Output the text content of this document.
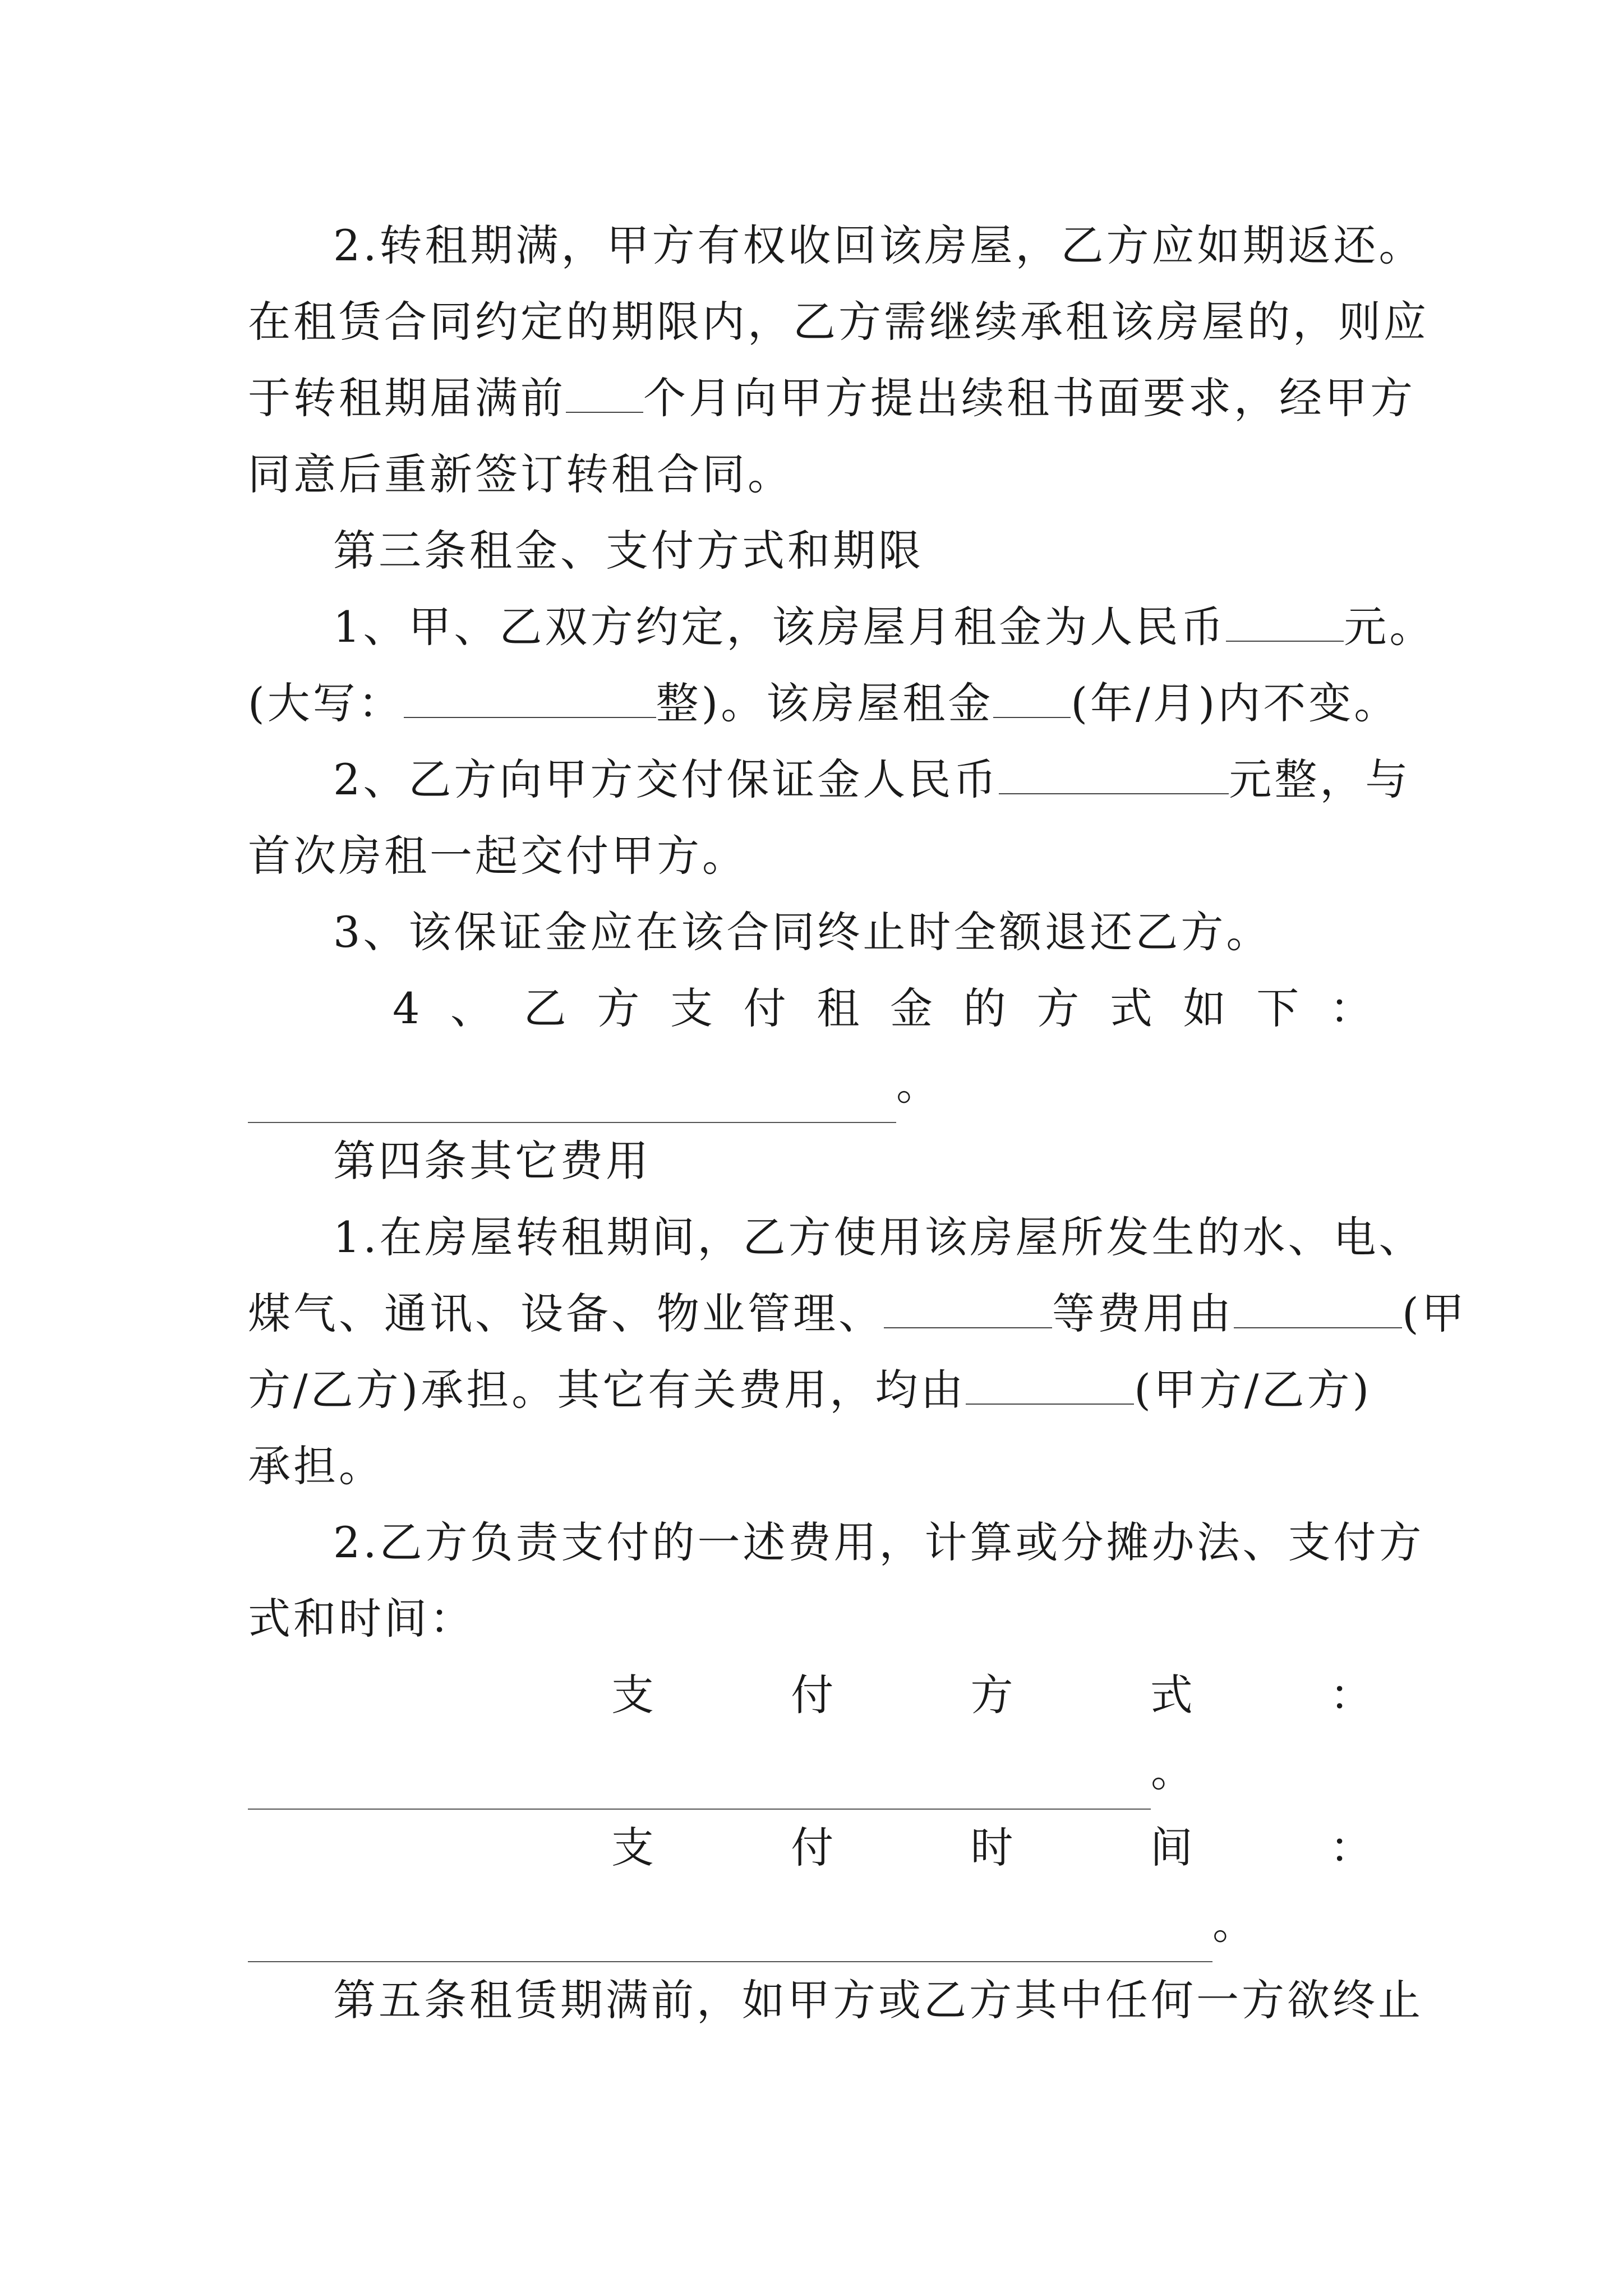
2.转租期满，甲方有权收回该房屋，乙方应如期返还。
在租赁合同约定的期限内，乙方需继续承租该房屋的，则应
于转租期届满前 个月向甲方提出续租书面要求，经甲方
同意后重新签订转租合同。
第三条租金、支付方式和期限
1、甲、乙双方约定，该房屋月租金为人民币	元。
(大写：	整)。该房屋租金 (年/月)内不变。
2、乙方向甲方交付保证金人民币	元整，与
首次房租一起交付甲方。
3、该保证金应在该合同终止时全额退还乙方。
4 、 乙 方 支 付 租 金 的 方 式 如 下 ：
。
第四条其它费用
1.在房屋转租期间，乙方使用该房屋所发生的水、电、
煤气、通讯、设备、物业管理、	等费用由	(甲
方/乙方)承担。其它有关费用，均由	(甲方/乙方)
承担。
2.乙方负责支付的一述费用，计算或分摊办法、支付方
式和时间：
支	付	方	式	：
。
支	付	时	间	：
。
第五条租赁期满前，如甲方或乙方其中任何一方欲终止
